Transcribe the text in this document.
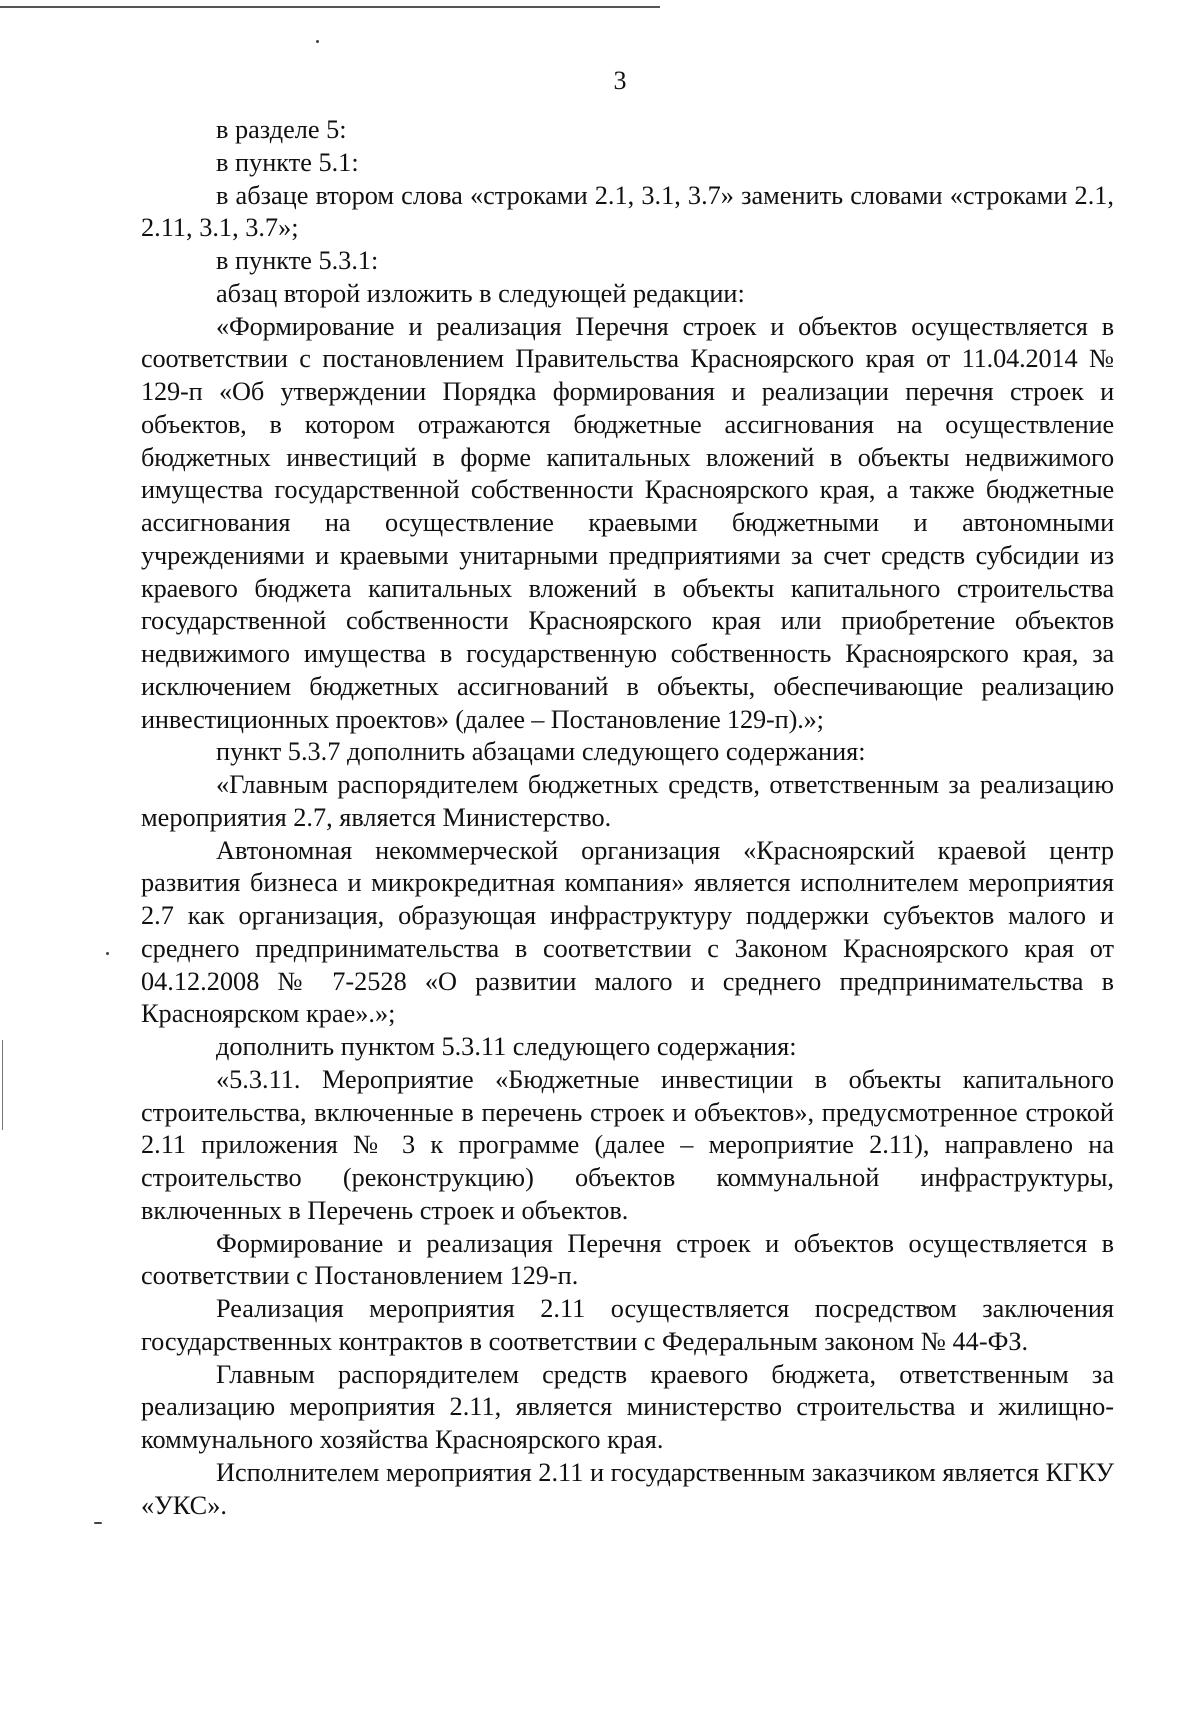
3

в разделе 5:

в пункте 5.1:

в абзаце втором слова «строками 2.1, 3.1, 3.7» заменить словами «строками 2.1, 2.11, 3.1, 3.7»;

в пункте 5.3.1:

абзац второй изложить в следующей редакции:

«Формирование и реализация Перечня строек и объектов осуществляется в соответствии с постановлением Правительства Красноярского края от 11.04.2014 № 129-п «Об утверждении Порядка формирования и реализации перечня строек и объектов, в котором отражаются бюджетные ассигнования на осуществление бюджетных инвестиций в форме капитальных вложений в объекты недвижимого имущества государственной собственности Красноярского края, а также бюджетные ассигнования на осуществление краевыми бюджетными и автономными учреждениями и краевыми унитарными предприятиями за счет средств субсидии из краевого бюджета капитальных вложений в объекты капитального строительства государственной собственности Красноярского края или приобретение объектов недвижимого имущества в государственную собственность Красноярского края, за исключением бюджетных ассигнований в объекты, обеспечивающие реализацию инвестиционных проектов» (далее – Постановление 129-п).»;

пункт 5.3.7 дополнить абзацами следующего содержания:

«Главным распорядителем бюджетных средств, ответственным за реализацию мероприятия 2.7, является Министерство.

Автономная некоммерческой организация «Красноярский краевой центр развития бизнеса и микрокредитная компания» является исполнителем мероприятия 2.7 как организация, образующая инфраструктуру поддержки субъектов малого и среднего предпринимательства в соответствии с Законом Красноярского края от 04.12.2008 № 7-2528 «О развитии малого и среднего предпринимательства в Красноярском крае».»;

дополнить пунктом 5.3.11 следующего содержания:

«5.3.11. Мероприятие «Бюджетные инвестиции в объекты капитального строительства, включенные в перечень строек и объектов», предусмотренное строкой 2.11 приложения № 3 к программе (далее – мероприятие 2.11), направлено на строительство (реконструкцию) объектов коммунальной инфраструктуры, включенных в Перечень строек и объектов.

Формирование и реализация Перечня строек и объектов осуществляется в соответствии с Постановлением 129-п.

Реализация мероприятия 2.11 осуществляется посредством заключения государственных контрактов в соответствии с Федеральным законом № 44-ФЗ.

Главным распорядителем средств краевого бюджета, ответственным за реализацию мероприятия 2.11, является министерство строительства и жилищно-коммунального хозяйства Красноярского края.

Исполнителем мероприятия 2.11 и государственным заказчиком является КГКУ «УКС».
